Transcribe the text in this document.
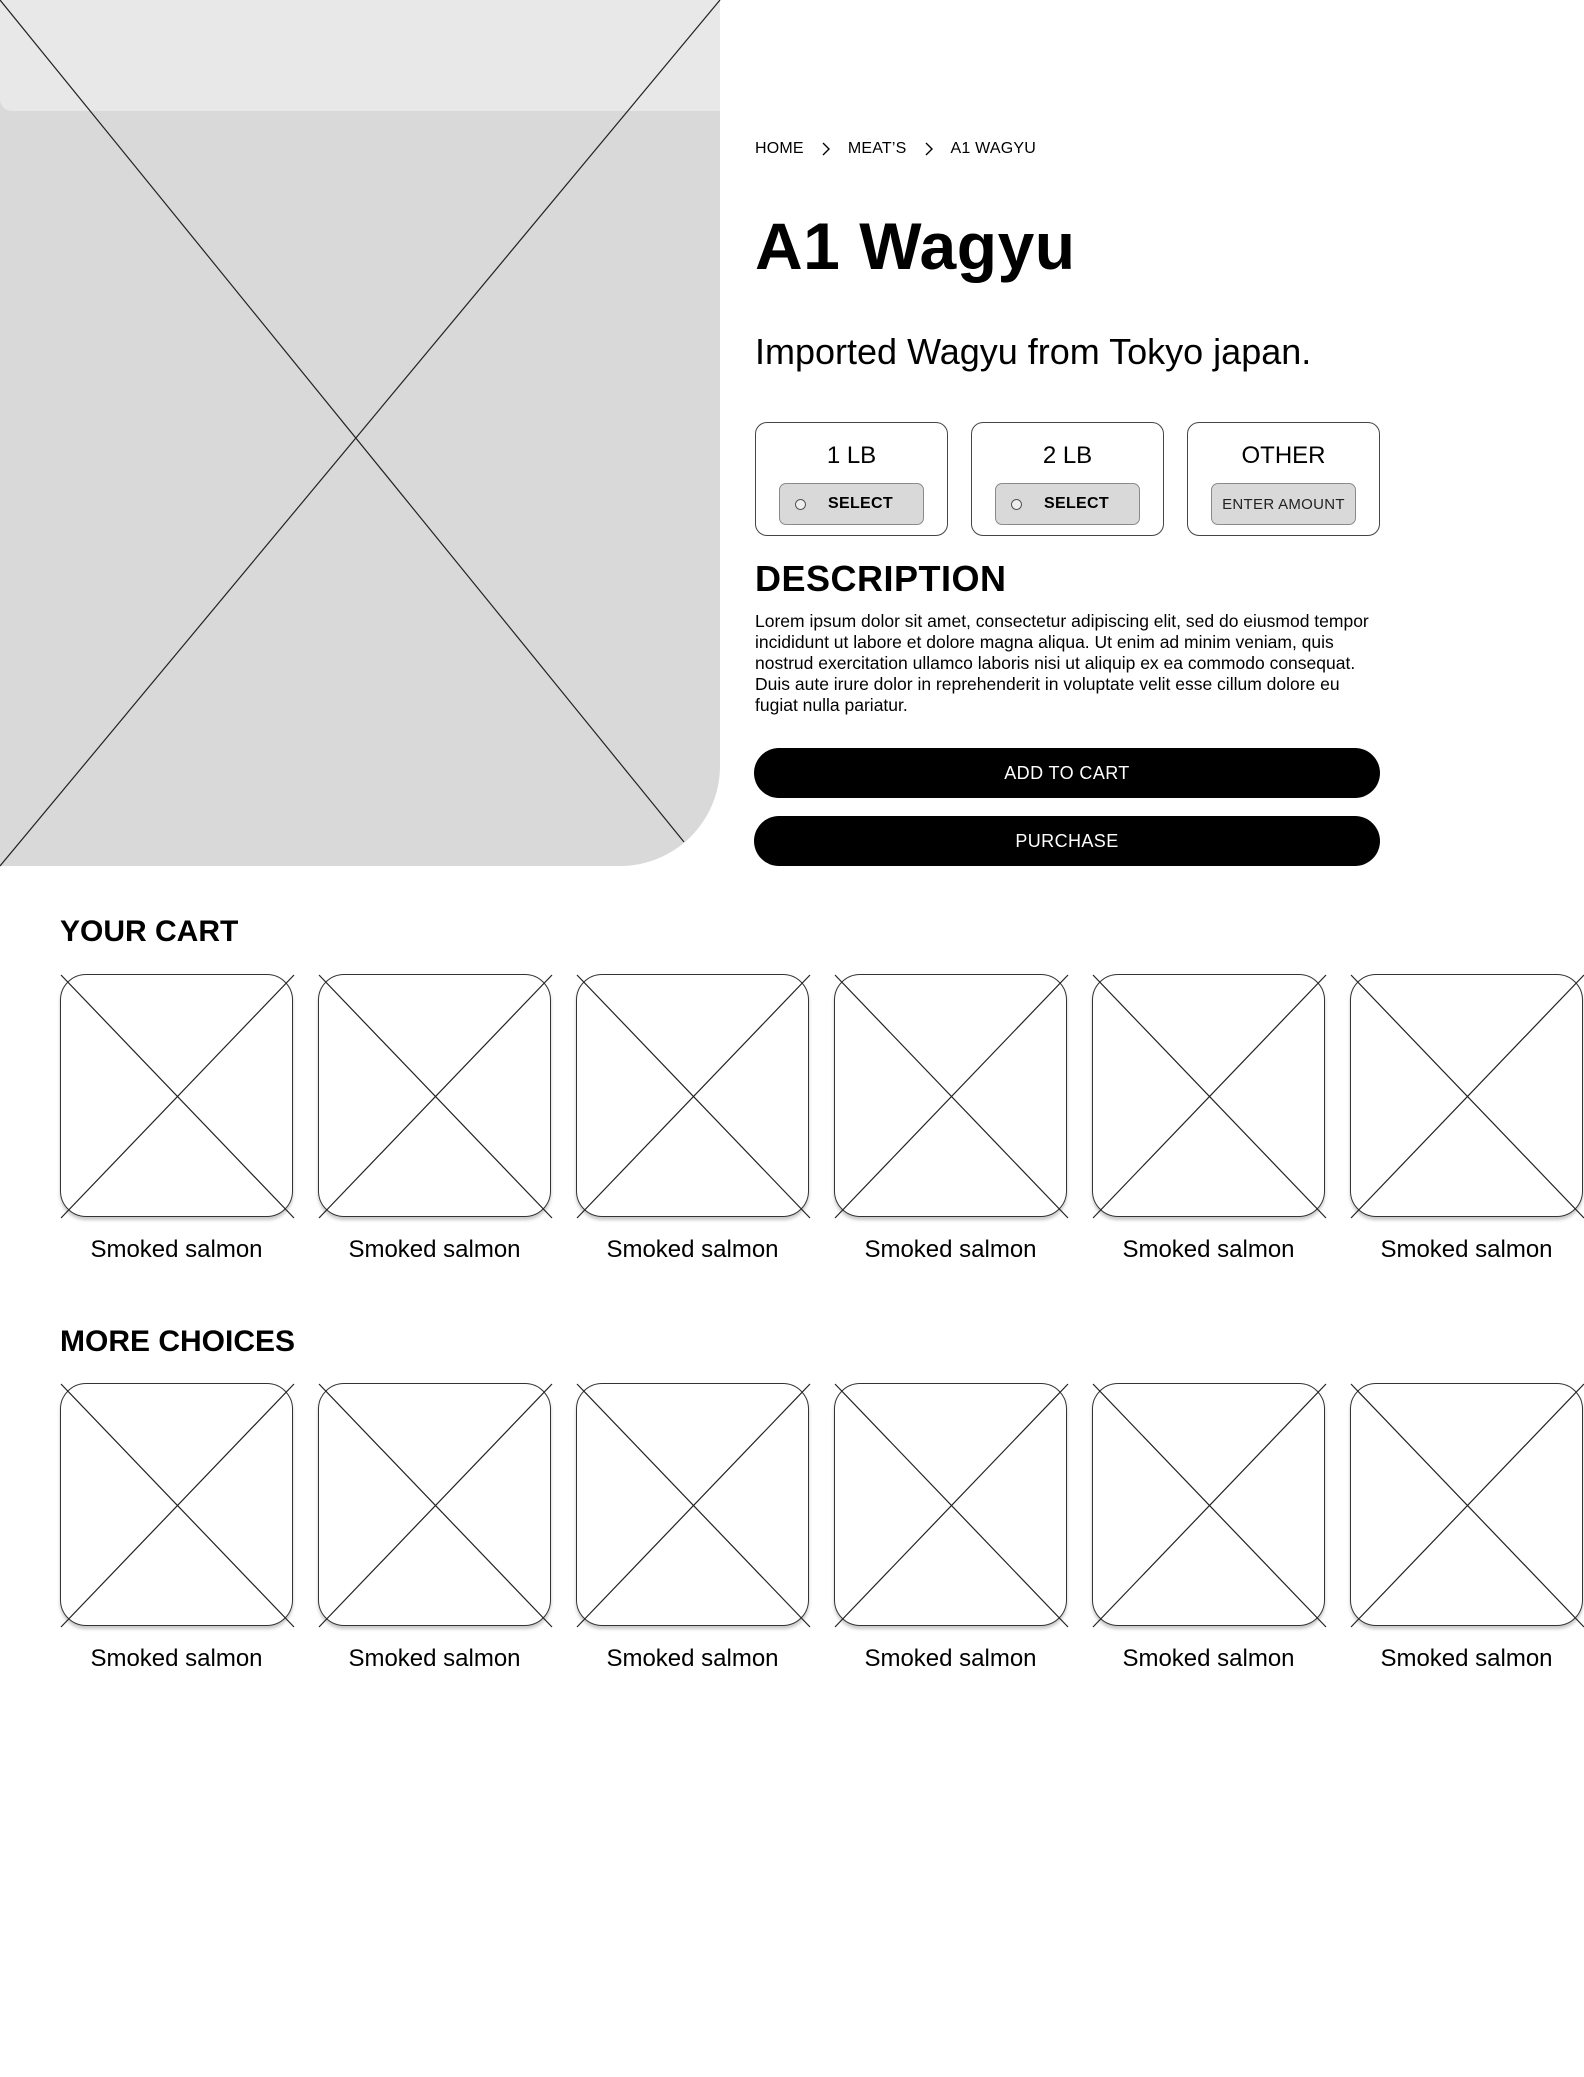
HOME	MEAT’S	A1 WAGYU
A1 Wagyu
Imported Wagyu from Tokyo japan.
1 LB
SELECT
2 LB
SELECT
OTHER
ENTER AMOUNT
DESCRIPTION

Lorem ipsum dolor sit amet, consectetur adipiscing elit, sed do eiusmod tempor incididunt ut labore et dolore magna aliqua. Ut enim ad minim veniam, quis nostrud exercitation ullamco laboris nisi ut aliquip ex ea commodo consequat. Duis aute irure dolor in reprehenderit in voluptate velit esse cillum dolore eu fugiat nulla pariatur.

ADD TO CART
PURCHASE
YOUR CART
Smoked salmon	Smoked salmon	Smoked salmon	Smoked salmon	Smoked salmon	Smoked salmon
MORE CHOICES
Smoked salmon	Smoked salmon	Smoked salmon	Smoked salmon	Smoked salmon	Smoked salmon
